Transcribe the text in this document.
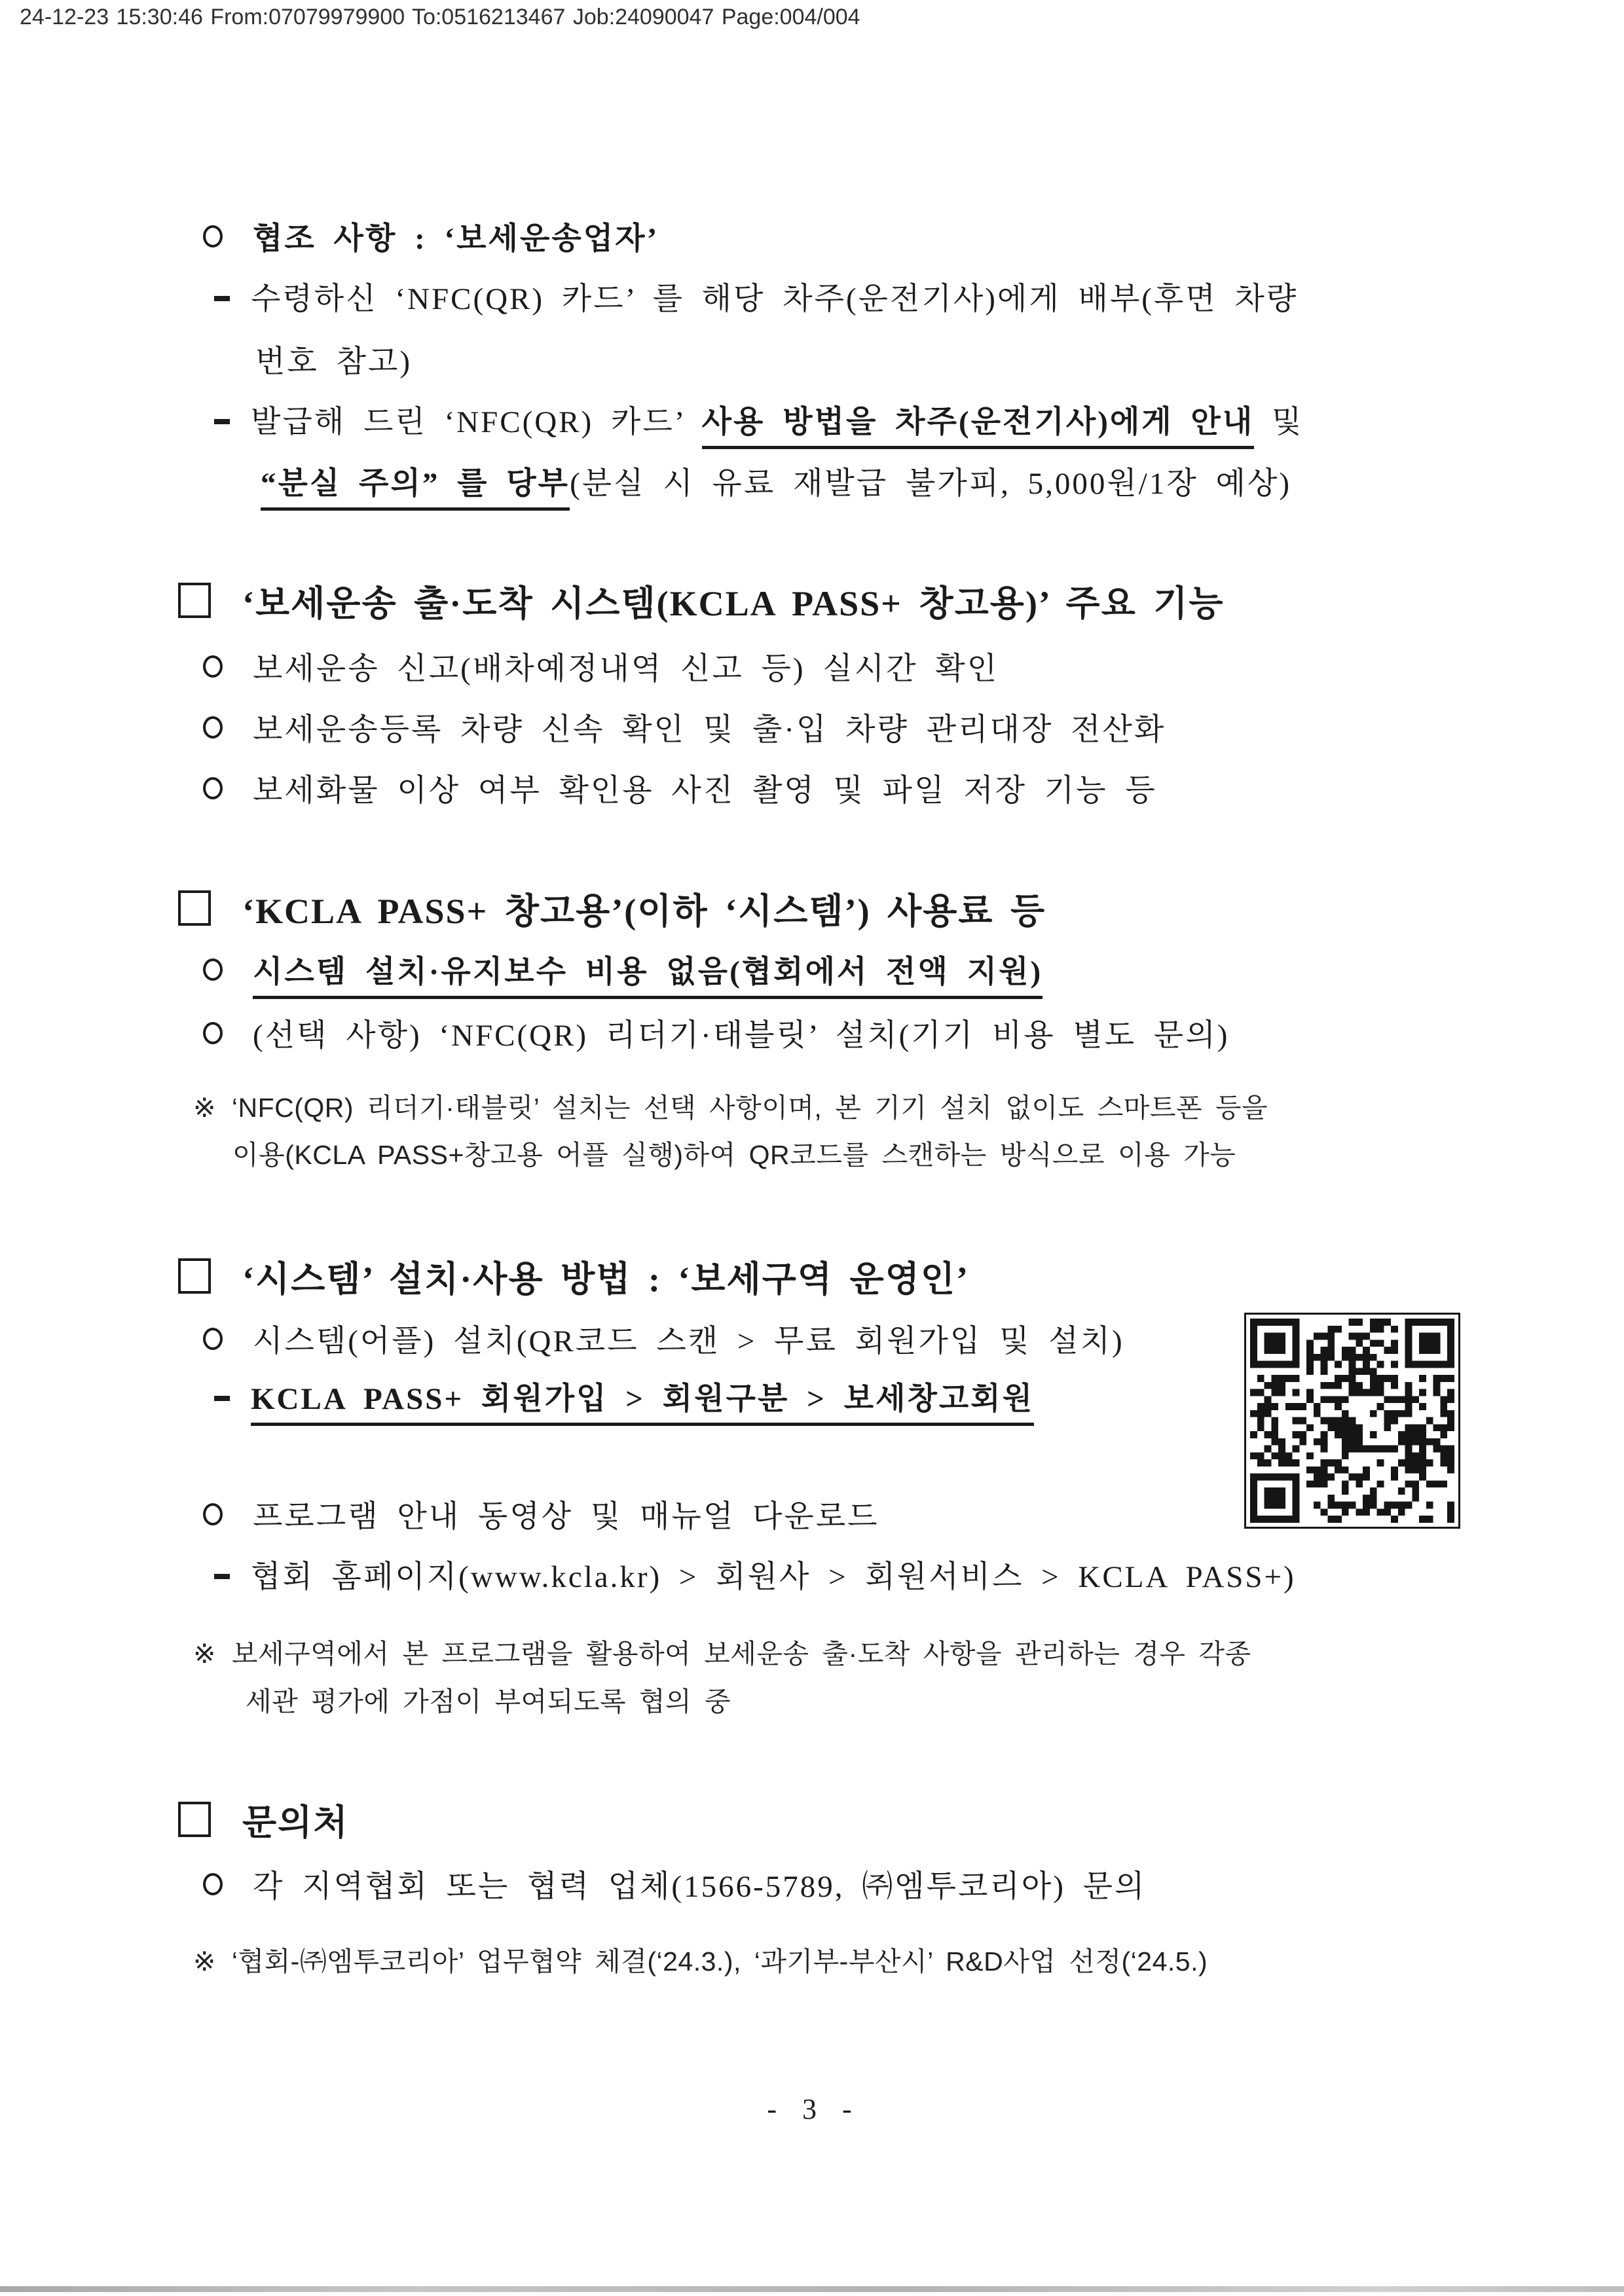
24-12-23 15:30:46 From:07079979900 To:0516213467 Job:24090047 Page:004/004
협조 사항 : ‘보세운송업자’
수령하신 ‘NFC(QR) 카드’ 를 해당 차주(운전기사)에게 배부(후면 차량
번호 참고)
발급해 드린 ‘NFC(QR) 카드’ 사용 방법을 차주(운전기사)에게 안내 및
“분실 주의” 를 당부(분실 시 유료 재발급 불가피, 5,000원/1장 예상)
‘보세운송 출·도착 시스템(KCLA PASS+ 창고용)’ 주요 기능
보세운송 신고(배차예정내역 신고 등) 실시간 확인
보세운송등록 차량 신속 확인 및 출·입 차량 관리대장 전산화
보세화물 이상 여부 확인용 사진 촬영 및 파일 저장 기능 등
‘KCLA PASS+ 창고용’(이하 ‘시스템’) 사용료 등
시스템 설치·유지보수 비용 없음(협회에서 전액 지원)
(선택 사항) ‘NFC(QR) 리더기·태블릿’ 설치(기기 비용 별도 문의)
※ ‘NFC(QR) 리더기·태블릿’ 설치는 선택 사항이며, 본 기기 설치 없이도 스마트폰 등을
이용(KCLA PASS+창고용 어플 실행)하여 QR코드를 스캔하는 방식으로 이용 가능
‘시스템’ 설치·사용 방법 : ‘보세구역 운영인’
시스템(어플) 설치(QR코드 스캔 > 무료 회원가입 및 설치)
KCLA PASS+ 회원가입 > 회원구분 > 보세창고회원
프로그램 안내 동영상 및 매뉴얼 다운로드
협회 홈페이지(www.kcla.kr) > 회원사 > 회원서비스 > KCLA PASS+)
※ 보세구역에서 본 프로그램을 활용하여 보세운송 출·도착 사항을 관리하는 경우 각종
세관 평가에 가점이 부여되도록 협의 중
문의처
각 지역협회 또는 협력 업체(1566-5789, ㈜엠투코리아) 문의
※ ‘협회-㈜엠투코리아’ 업무협약 체결(‘24.3.), ‘과기부-부산시’ R&D사업 선정(‘24.5.)
- 3 -
